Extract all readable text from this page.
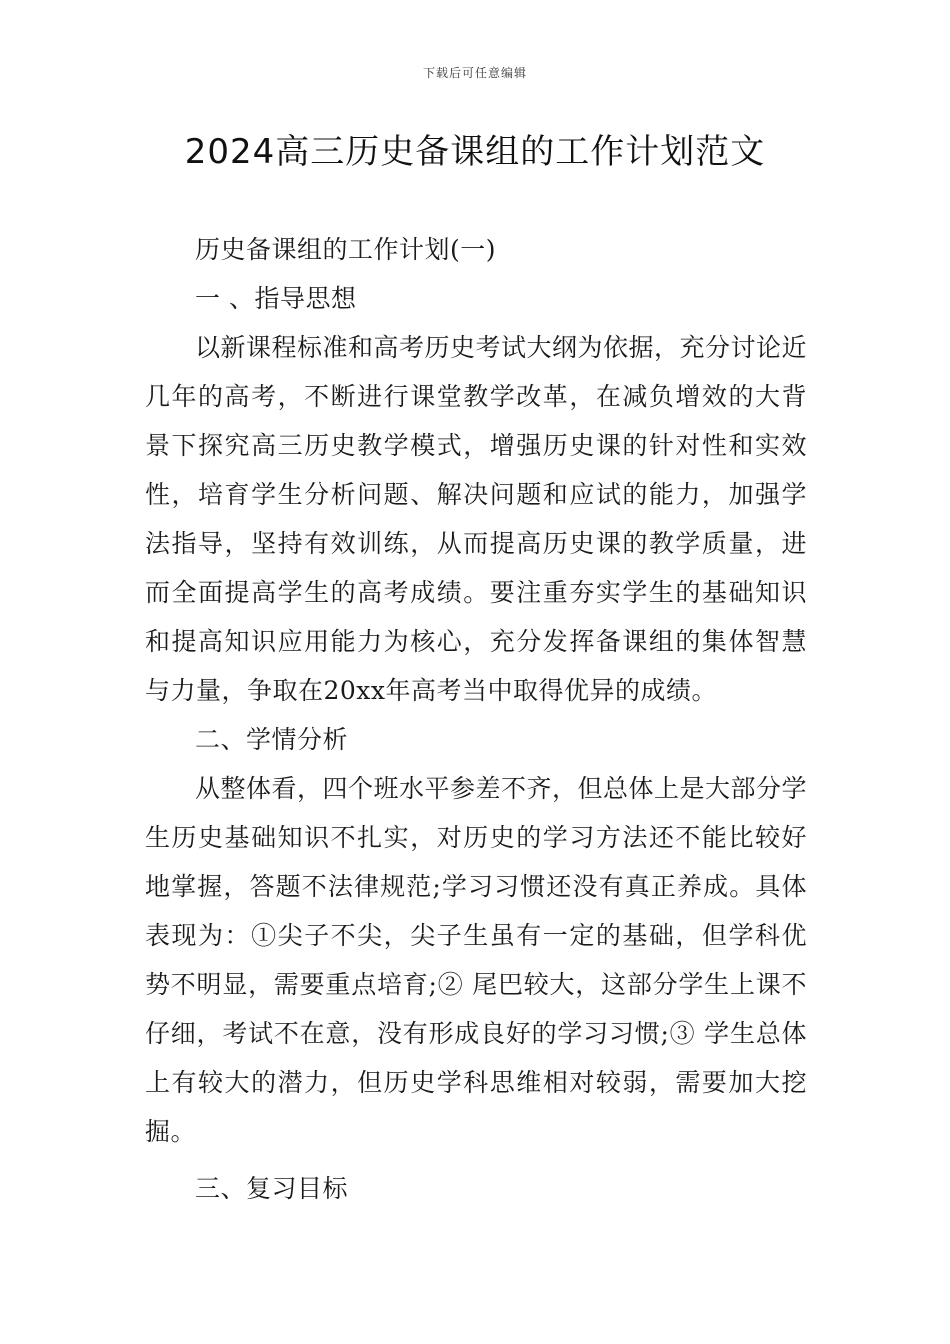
下载后可任意编辑
2024高三历史备课组的工作计划范文

历史备课组的工作计划(一)

一 、指导思想

以新课程标准和高考历史考试大纲为依据，充分讨论近几年的高考，不断进行课堂教学改革，在减负增效的大背景下探究高三历史教学模式，增强历史课的针对性和实效性，培育学生分析问题、解决问题和应试的能力，加强学法指导，坚持有效训练，从而提高历史课的教学质量，进而全面提高学生的高考成绩。要注重夯实学生的基础知识和提高知识应用能力为核心，充分发挥备课组的集体智慧与力量，争取在20xx年高考当中取得优异的成绩。

二、学情分析

从整体看，四个班水平参差不齐，但总体上是大部分学生历史基础知识不扎实，对历史的学习方法还不能比较好地掌握，答题不法律规范;学习习惯还没有真正养成。具体表现为：①尖子不尖，尖子生虽有一定的基础，但学科优势不明显，需要重点培育;② 尾巴较大，这部分学生上课不仔细，考试不在意，没有形成良好的学习习惯;③ 学生总体上有较大的潜力，但历史学科思维相对较弱，需要加大挖掘。

三、复习目标
